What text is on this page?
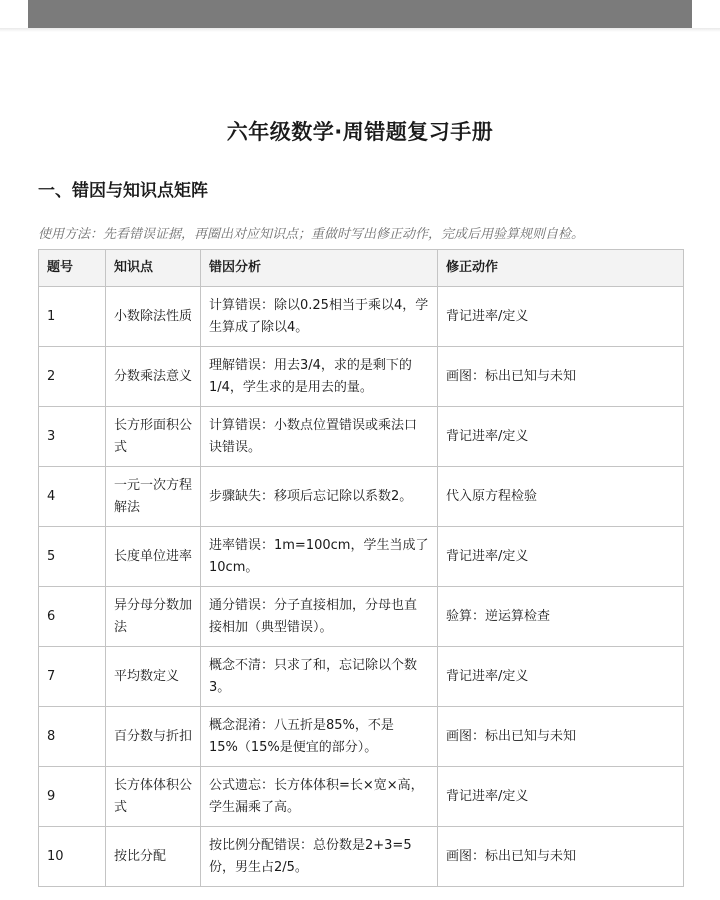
六年级数学·周错题复习手册
一、错因与知识点矩阵
使用方法：先看错误证据，再圈出对应知识点；重做时写出修正动作，完成后用验算规则自检。
题号	知识点	错因分析	修正动作
1	小数除法性质	计算错误：除以0.25相当于乘以4，学生算成了除以4。	背记进率/定义
2	分数乘法意义	理解错误：用去3/4，求的是剩下的1/4，学生求的是用去的量。	画图：标出已知与未知
3	长方形面积公式	计算错误：小数点位置错误或乘法口诀错误。	背记进率/定义
4	一元一次方程解法	步骤缺失：移项后忘记除以系数2。	代入原方程检验
5	长度单位进率	进率错误：1m=100cm，学生当成了10cm。	背记进率/定义
6	异分母分数加法	通分错误：分子直接相加，分母也直接相加（典型错误）。	验算：逆运算检查
7	平均数定义	概念不清：只求了和，忘记除以个数3。	背记进率/定义
8	百分数与折扣	概念混淆：八五折是85%，不是15%（15%是便宜的部分）。	画图：标出已知与未知
9	长方体体积公式	公式遗忘：长方体体积=长×宽×高，学生漏乘了高。	背记进率/定义
10	按比分配	按比例分配错误：总份数是2+3=5份，男生占2/5。	画图：标出已知与未知
